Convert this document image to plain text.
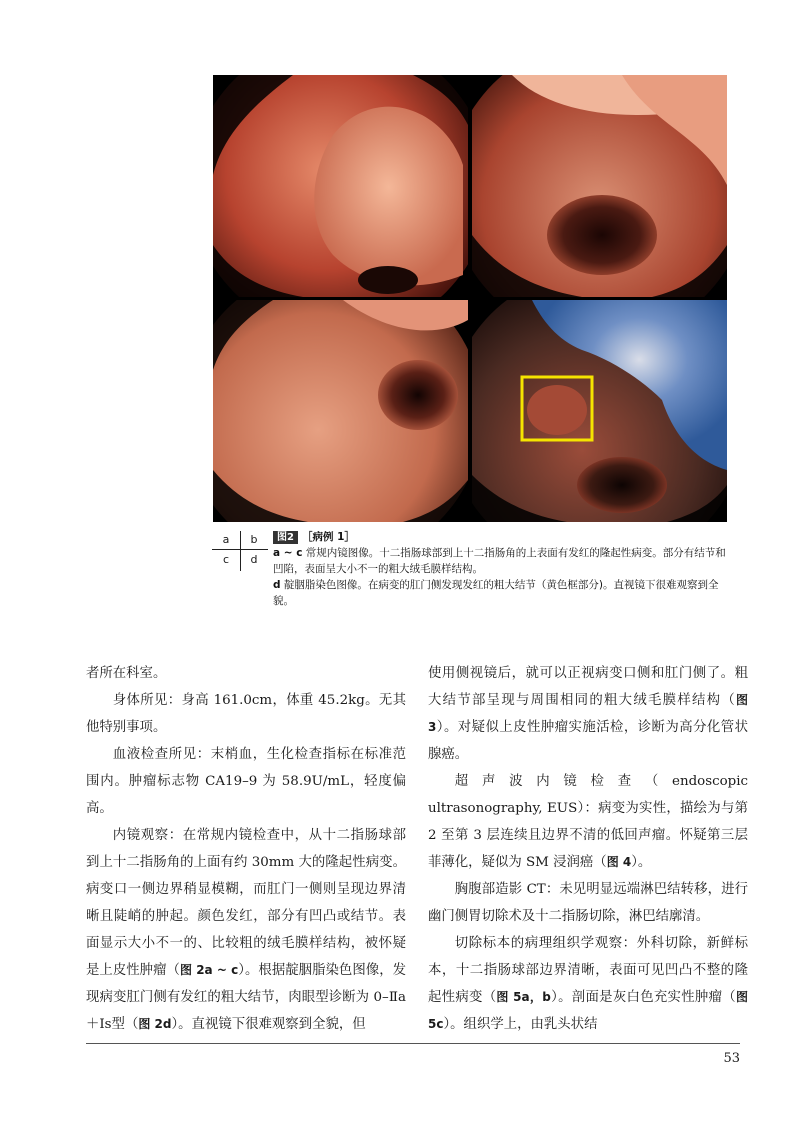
a	b
c	d
图2 ［病例 1］
a ~ c 常规内镜图像。十二指肠球部到上十二指肠角的上表面有发红的隆起性病变。部分有结节和凹陷，表面呈大小不一的粗大绒毛膜样结构。
d 靛胭脂染色图像。在病变的肛门侧发现发红的粗大结节（黄色框部分)。直视镜下很难观察到全貌。

者所在科室。

身体所见：身高 161.0cm，体重 45.2kg。无其他特别事项。

血液检查所见：末梢血，生化检查指标在标准范围内。肿瘤标志物 CA19–9 为 58.9U/mL，轻度偏高。

内镜观察：在常规内镜检查中，从十二指肠球部到上十二指肠角的上面有约 30mm 大的隆起性病变。病变口一侧边界稍显模糊，而肛门一侧则呈现边界清晰且陡峭的肿起。颜色发红，部分有凹凸或结节。表面显示大小不一的、比较粗的绒毛膜样结构，被怀疑是上皮性肿瘤（图 2a ~ c）。根据靛胭脂染色图像，发现病变肛门侧有发红的粗大结节，肉眼型诊断为 0–Ⅱa＋Ⅰs型（图 2d）。直视镜下很难观察到全貌，但

使用侧视镜后，就可以正视病变口侧和肛门侧了。粗大结节部呈现与周围相同的粗大绒毛膜样结构（图 3）。对疑似上皮性肿瘤实施活检，诊断为高分化管状腺癌。

超声波内镜检查（endoscopic ultrasonography, EUS）：病变为实性，描绘为与第 2 至第 3 层连续且边界不清的低回声瘤。怀疑第三层菲薄化，疑似为 SM 浸润癌（图 4）。

胸腹部造影 CT：未见明显远端淋巴结转移，进行幽门侧胃切除术及十二指肠切除，淋巴结廓清。

切除标本的病理组织学观察：外科切除，新鲜标本，十二指肠球部边界清晰，表面可见凹凸不整的隆起性病变（图 5a，b）。剖面是灰白色充实性肿瘤（图 5c）。组织学上，由乳头状结

53
